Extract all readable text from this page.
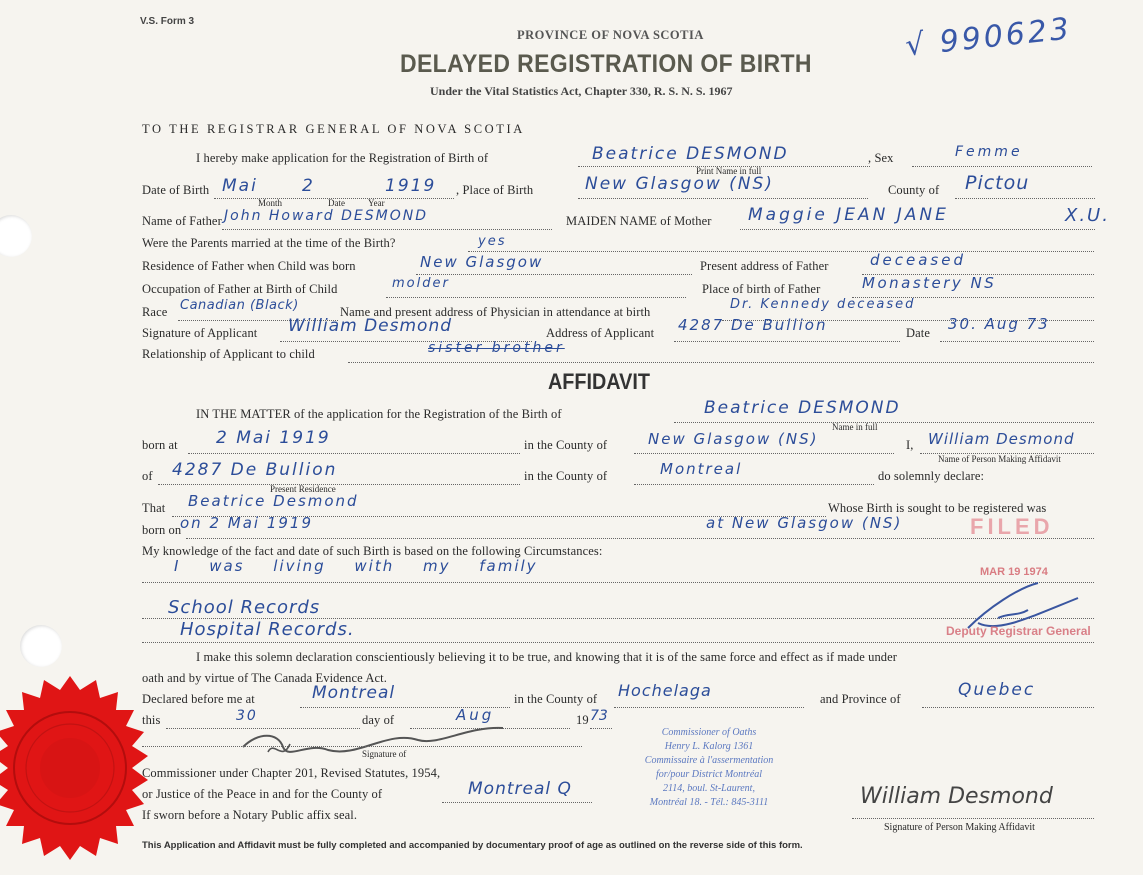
V.S. Form 3
PROVINCE OF NOVA SCOTIA
DELAYED REGISTRATION OF BIRTH
Under the Vital Statistics Act, Chapter 330, R. S. N. S. 1967
√ 990623
TO THE REGISTRAR GENERAL OF NOVA SCOTIA
I hereby make application for the Registration of Birth of	Beatrice DESMOND
Print Name in full
, Sex	Femme
Date of Birth Mai	2	1919
Month	Date	Year
, Place of Birth	New Glasgow (NS)	County of Pictou
Name of Father John Howard DESMOND	MAIDEN NAME of Mother Maggie JEAN JANE	X.U.
Were the Parents married at the time of the Birth?	yes
Residence of Father when Child was born	New Glasgow	Present address of Father	deceased
Occupation of Father at Birth of Child	molder	Place of birth of Father	Monastery NS
Race Canadian (Black)	Name and present address of Physician in attendance at birth	Dr. Kennedy deceased
Signature of Applicant William Desmond	Address of Applicant 4287 De Bullion	Date 30. Aug 73
Relationship of Applicant to child	sister brother
AFFIDAVIT
IN THE MATTER of the application for the Registration of the Birth of	Beatrice DESMOND
Name in full
born at 2 Mai 1919	in the County of	New Glasgow (NS)	I, William Desmond
Name of Person Making Affidavit
of 4287 De Bullion
Present Residence
in the County of	Montreal	do solemnly declare:
That Beatrice Desmond	Whose Birth is sought to be registered was
born on
on 2 Mai 1919	at New Glasgow (NS)	FILED
My knowledge of the fact and date of such Birth is based on the following Circumstances:
I was living with my family	MAR 19 1974
School Records
Hospital Records.	Deputy Registrar General
I make this solemn declaration conscientiously believing it to be true, and knowing that it is of the same force and effect as if made under
oath and by virtue of The Canada Evidence Act.
Declared before me at	Montreal	in the County of Hochelaga	and Province of	Quebec
this	30	day of	Aug	19 73
Signature of
Commissioner under Chapter 201, Revised Statutes, 1954,
or Justice of the Peace in and for the County of	Montreal Q
If sworn before a Notary Public affix seal.
Commissioner of Oaths
Henry L. Kalorg 1361
Commissaire à l'assermentation
for/pour District Montréal
2114, boul. St-Laurent,
Montréal 18. - Tél.: 845-3111	William Desmond
Signature of Person Making Affidavit
This Application and Affidavit must be fully completed and accompanied by documentary proof of age as outlined on the reverse side of this form.
